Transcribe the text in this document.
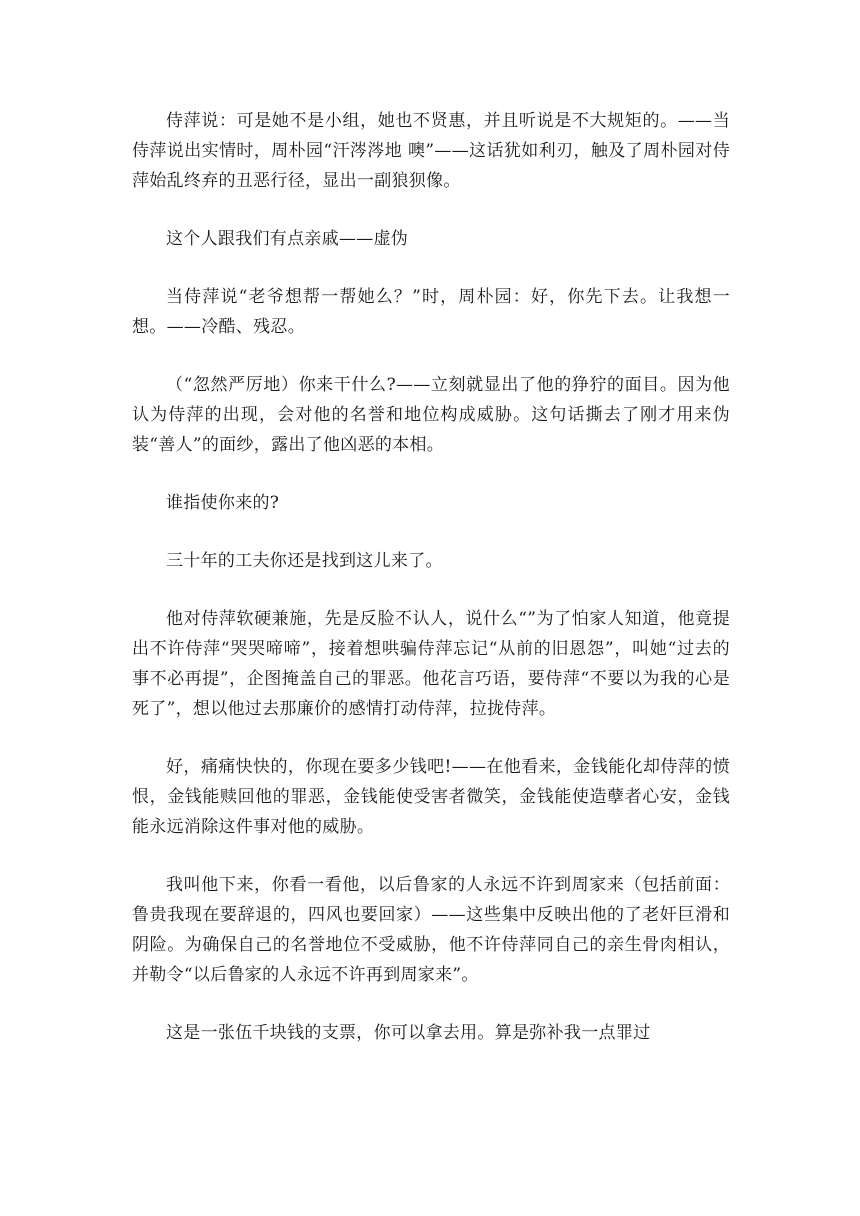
侍萍说：可是她不是小组，她也不贤惠，并且听说是不大规矩的。——当侍萍说出实情时，周朴园“汗涔涔地 噢”——这话犹如利刃，触及了周朴园对侍萍始乱终弃的丑恶行径，显出一副狼狈像。

这个人跟我们有点亲戚——虚伪

当侍萍说“老爷想帮一帮她么？”时，周朴园：好，你先下去。让我想一想。——冷酷、残忍。

（“忽然严厉地）你来干什么?——立刻就显出了他的狰狞的面目。因为他认为侍萍的出现，会对他的名誉和地位构成威胁。这句话撕去了刚才用来伪装“善人”的面纱，露出了他凶恶的本相。

谁指使你来的?

三十年的工夫你还是找到这儿来了。

他对侍萍软硬兼施，先是反脸不认人，说什么“”为了怕家人知道，他竟提出不许侍萍“哭哭啼啼”，接着想哄骗侍萍忘记“从前的旧恩怨”，叫她“过去的事不必再提”，企图掩盖自己的罪恶。他花言巧语，要侍萍“不要以为我的心是死了”，想以他过去那廉价的感情打动侍萍，拉拢侍萍。

好，痛痛快快的，你现在要多少钱吧!——在他看来，金钱能化却侍萍的愤恨，金钱能赎回他的罪恶，金钱能使受害者微笑，金钱能使造孽者心安，金钱能永远消除这件事对他的威胁。

我叫他下来，你看一看他，以后鲁家的人永远不许到周家来（包括前面：鲁贵我现在要辞退的，四风也要回家）——这些集中反映出他的了老奸巨滑和阴险。为确保自己的名誉地位不受威胁，他不许侍萍同自己的亲生骨肉相认，并勒令“以后鲁家的人永远不许再到周家来”。

这是一张伍千块钱的支票，你可以拿去用。算是弥补我一点罪过
